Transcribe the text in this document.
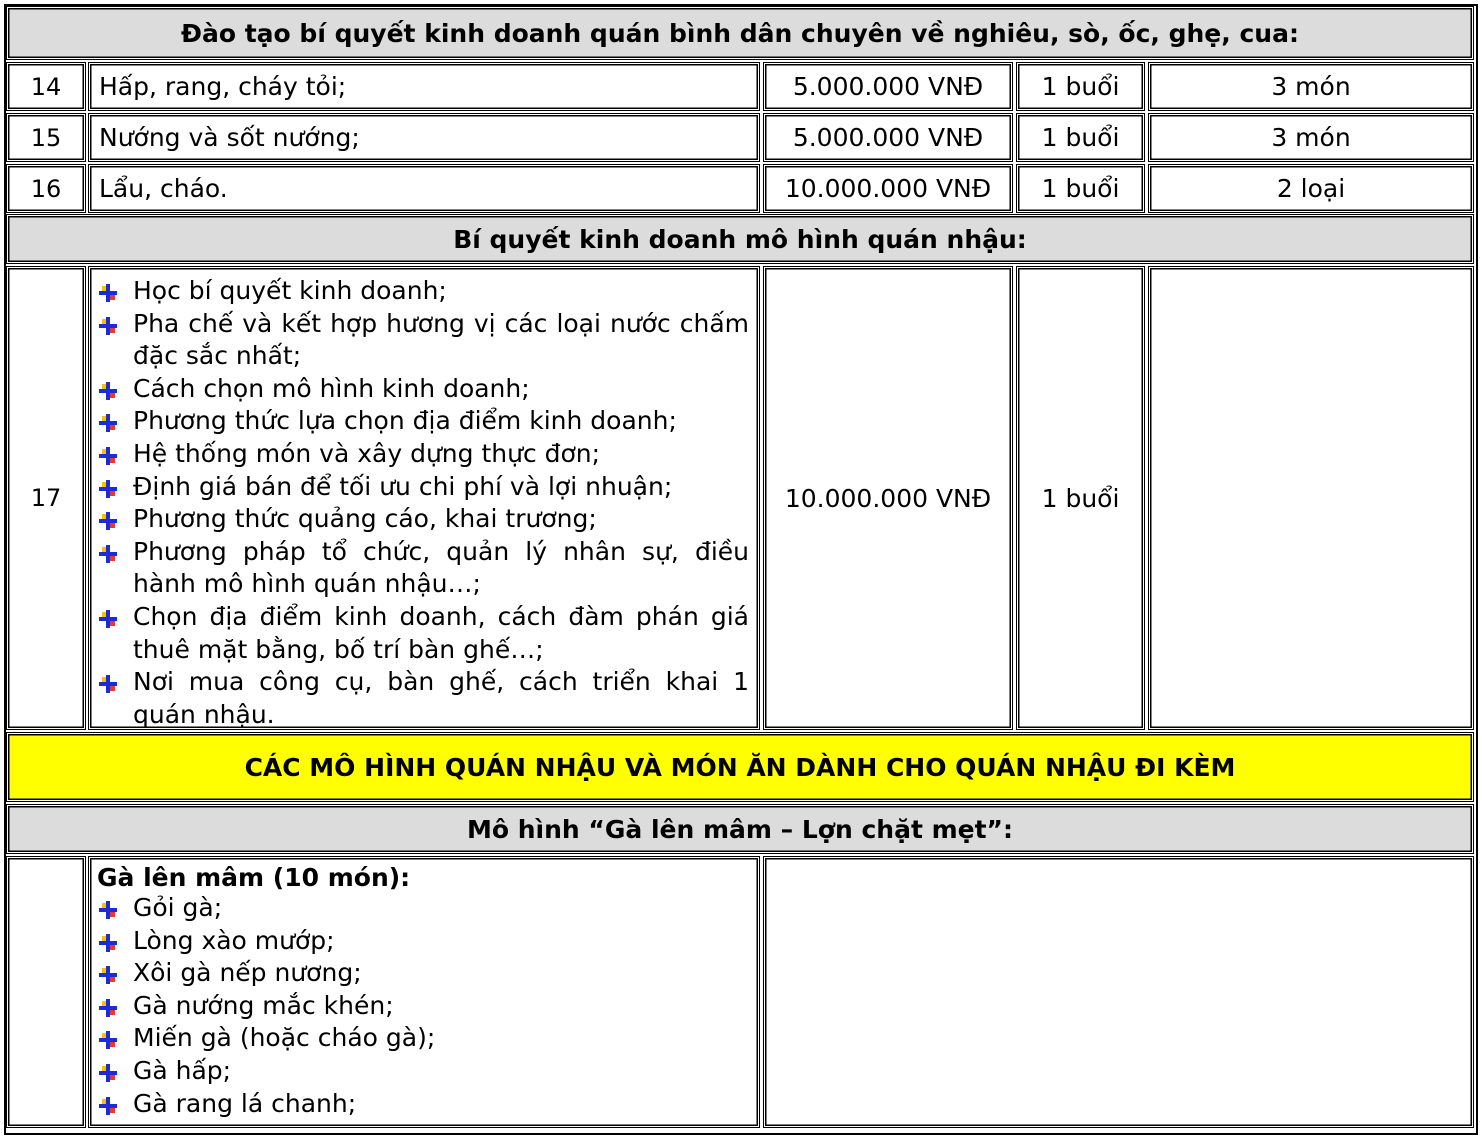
Đào tạo bí quyết kinh doanh quán bình dân chuyên về nghiêu, sò, ốc, ghẹ, cua:
14 Hấp, rang, cháy tỏi;	5.000.000 VNĐ 1 buổi	3 món
15 Nướng và sốt nướng;	5.000.000 VNĐ 1 buổi	3 món
16 Lẩu, cháo.	10.000.000 VNĐ 1 buổi	2 loại
Bí quyết kinh doanh mô hình quán nhậu:
17
Học bí quyết kinh doanh;
Pha chế và kết hợp hương vị các loại nước chấm đặc sắc nhất;
Cách chọn mô hình kinh doanh;
Phương thức lựa chọn địa điểm kinh doanh;
Hệ thống món và xây dựng thực đơn;
Định giá bán để tối ưu chi phí và lợi nhuận;
Phương thức quảng cáo, khai trương;
Phương pháp tổ chức, quản lý nhân sự, điều hành mô hình quán nhậu…;
Chọn địa điểm kinh doanh, cách đàm phán giá thuê mặt bằng, bố trí bàn ghế…;
Nơi mua công cụ, bàn ghế, cách triển khai 1 quán nhậu.
10.000.000 VNĐ 1 buổi
CÁC MÔ HÌNH QUÁN NHẬU VÀ MÓN ĂN DÀNH CHO QUÁN NHẬU ĐI KÈM
Mô hình “Gà lên mâm – Lợn chặt mẹt”:
Gà lên mâm (10 món):
Gỏi gà;
Lòng xào mướp;
Xôi gà nếp nương;
Gà nướng mắc khén;
Miến gà (hoặc cháo gà);
Gà hấp;
Gà rang lá chanh;
